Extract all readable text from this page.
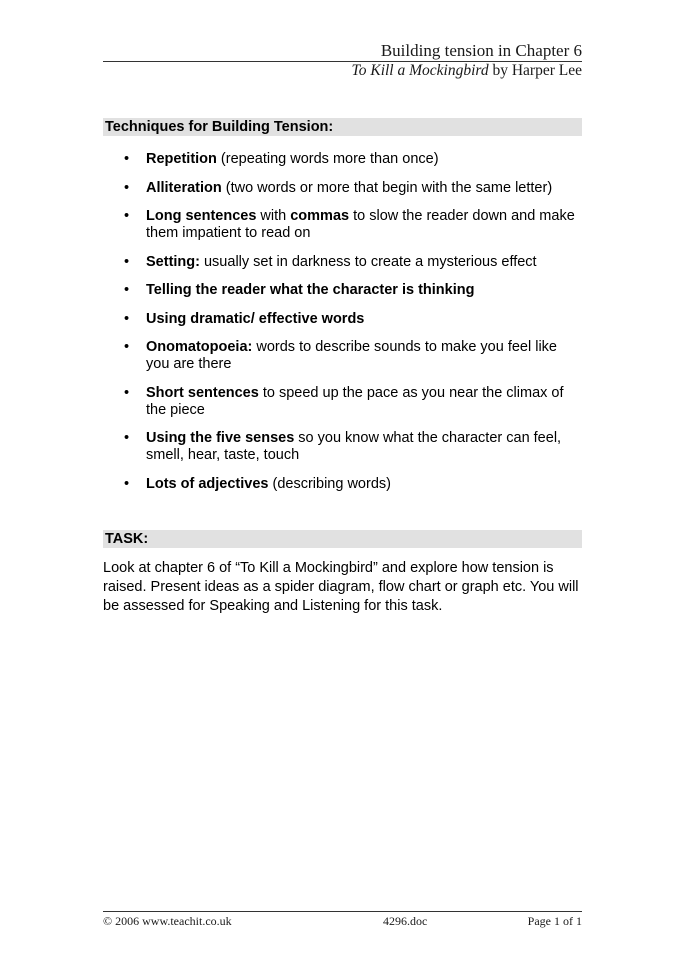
Building tension in Chapter 6
To Kill a Mockingbird by Harper Lee
Techniques for Building Tension:
• Repetition (repeating words more than once)
• Alliteration (two words or more that begin with the same letter)
• Long sentences with commas to slow the reader down and make them impatient to read on
• Setting: usually set in darkness to create a mysterious effect
• Telling the reader what the character is thinking
• Using dramatic/ effective words
• Onomatopoeia: words to describe sounds to make you feel like you are there
• Short sentences to speed up the pace as you near the climax of the piece
• Using the five senses so you know what the character can feel, smell, hear, taste, touch
• Lots of adjectives (describing words)
TASK:
Look at chapter 6 of “To Kill a Mockingbird” and explore how tension is raised. Present ideas as a spider diagram, flow chart or graph etc. You will be assessed for Speaking and Listening for this task.
© 2006 www.teachit.co.uk	4296.doc	Page 1 of 1
